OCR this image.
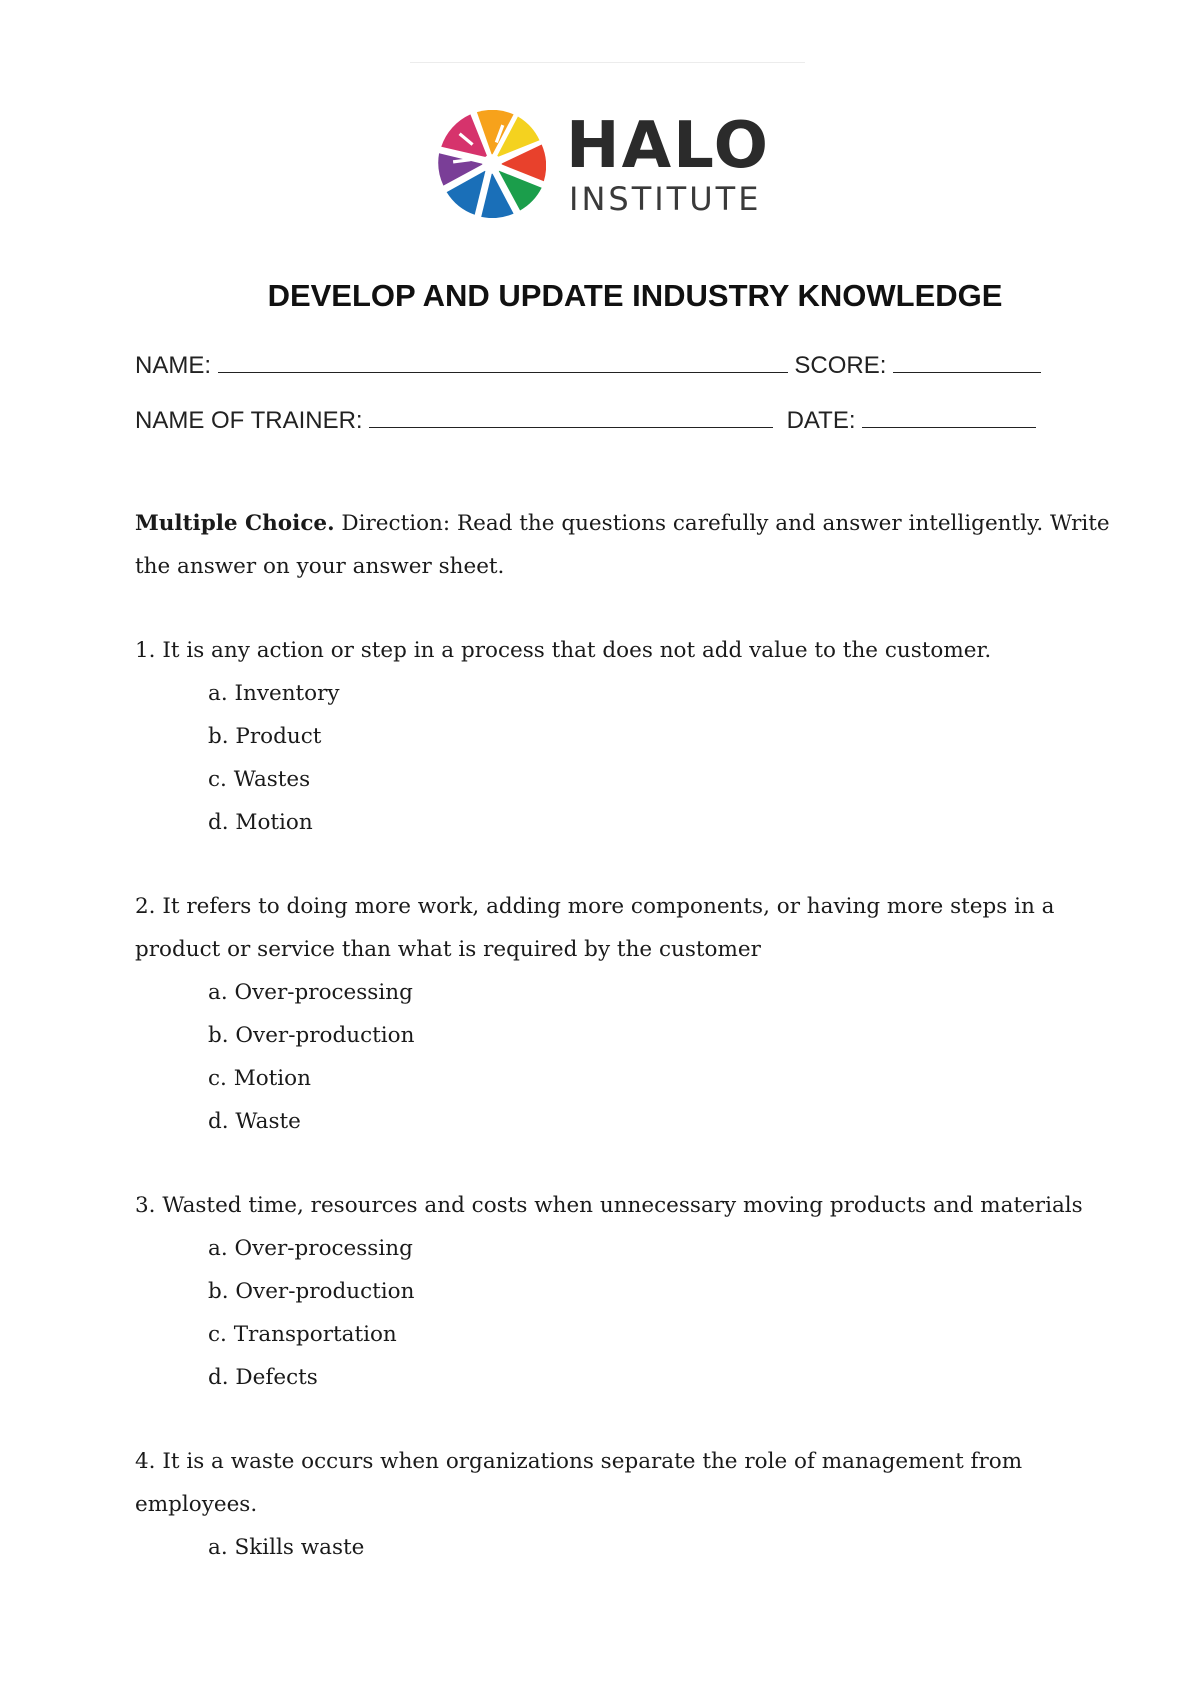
HALO
INSTITUTE
DEVELOP AND UPDATE INDUSTRY KNOWLEDGE
NAME:	SCORE:
NAME OF TRAINER:	DATE:

Multiple Choice. Direction: Read the questions carefully and answer intelligently. Write the answer on your answer sheet.

1. It is any action or step in a process that does not add value to the customer.

a. Inventory
b. Product
c. Wastes
d. Motion

2. It refers to doing more work, adding more components, or having more steps in a product or service than what is required by the customer

a. Over-processing
b. Over-production
c. Motion
d. Waste

3. Wasted time, resources and costs when unnecessary moving products and materials

a. Over-processing
b. Over-production
c. Transportation
d. Defects

4. It is a waste occurs when organizations separate the role of management from employees.

a. Skills waste
